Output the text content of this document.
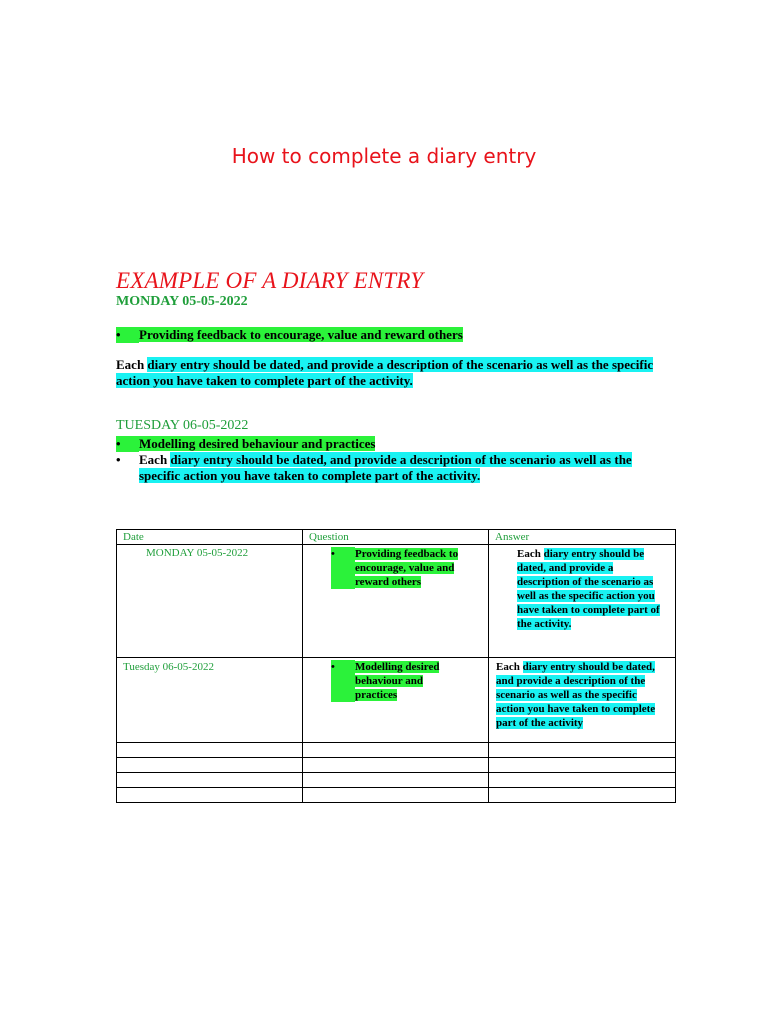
How to complete a diary entry
EXAMPLE OF A DIARY ENTRY

MONDAY 05-05-2022

•	Providing feedback to encourage, value and reward others

Each diary entry should be dated, and provide a description of the scenario as well as the specific action you have taken to complete part of the activity.

TUESDAY 06-05-2022

•	Modelling desired behaviour and practices
•	Each diary entry should be dated, and provide a description of the scenario as well as the specific action you have taken to complete part of the activity.
Date	Question	Answer

MONDAY 05-05-2022	• Providing feedback to encourage, value and reward others	Each diary entry should be dated, and provide a description of the scenario as well as the specific action you have taken to complete part of the activity.

Tuesday 06-05-2022	• Modelling desired behaviour and practices	Each diary entry should be dated, and provide a description of the scenario as well as the specific action you have taken to complete part of the activity
